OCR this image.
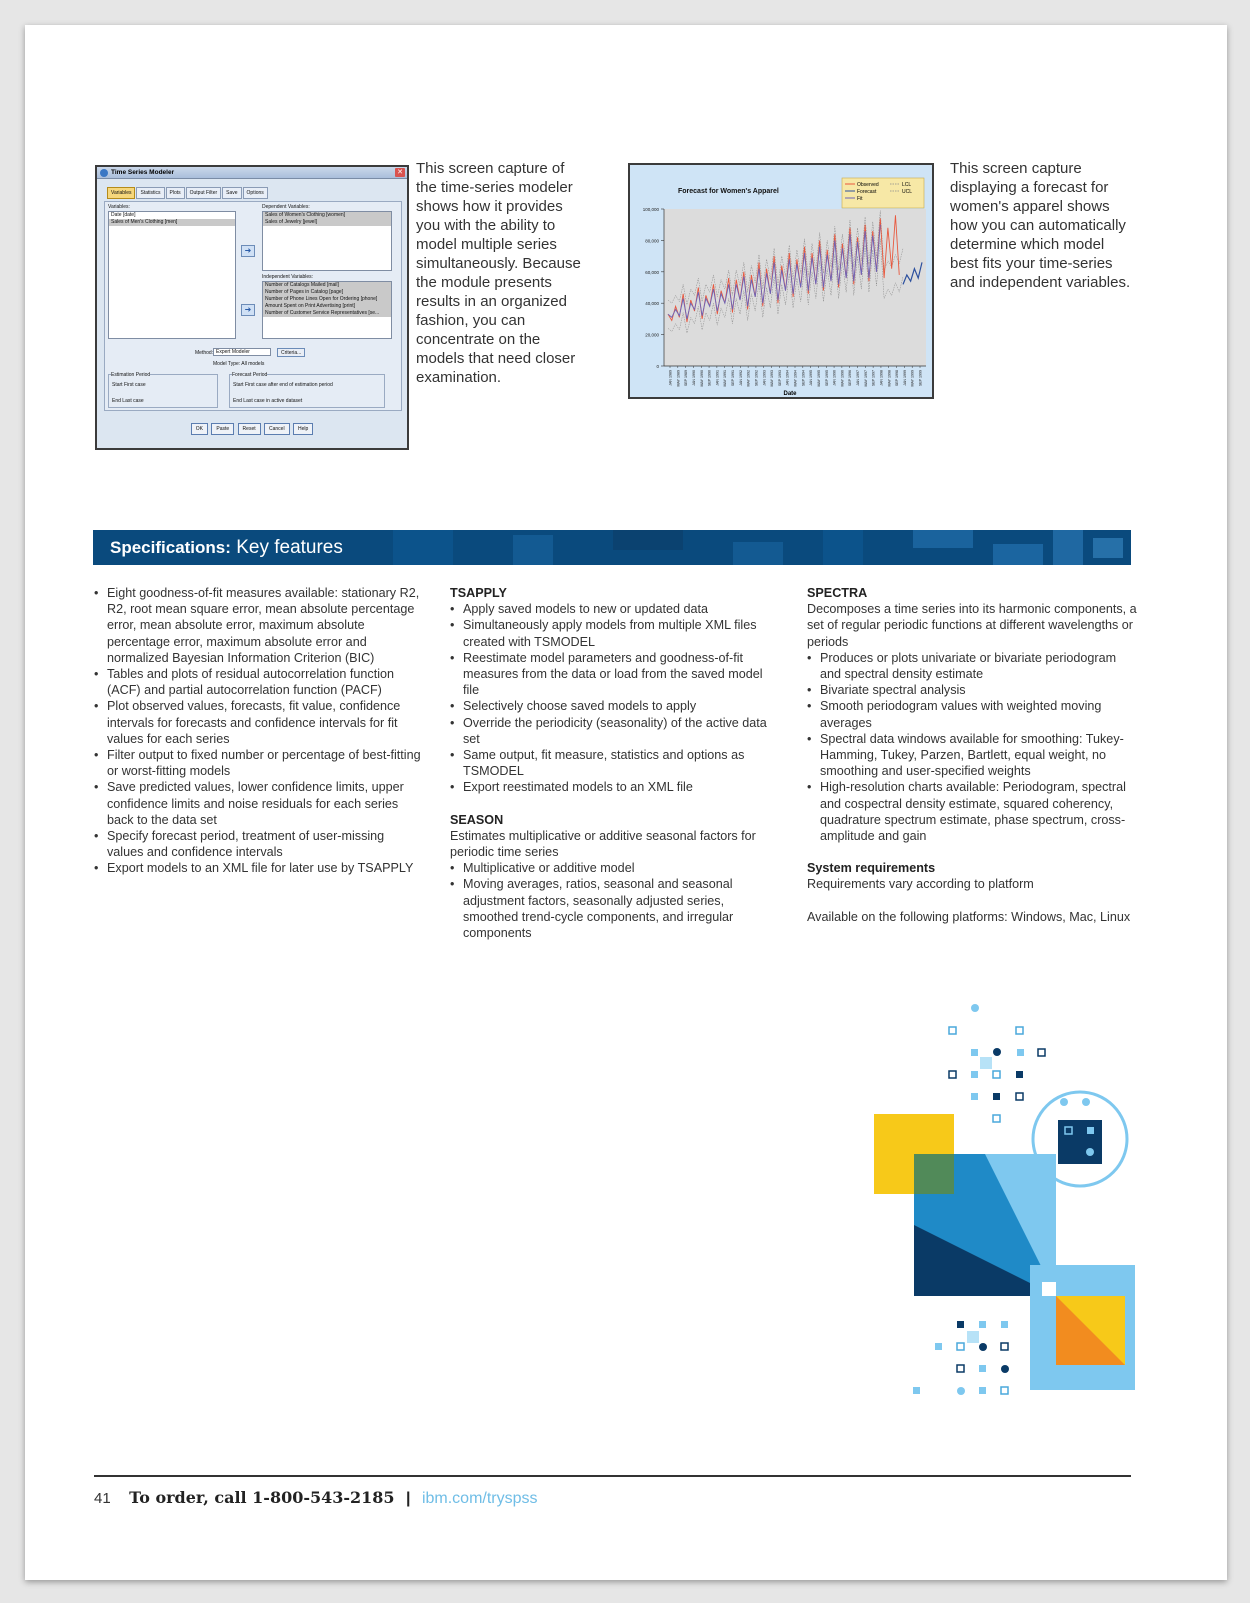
Time Series Modeler	✕
Variables	Statistics	Plots	Output Filter	Save	Options
Variables:
Date [date]
Sales of Men's Clothing [men]
➜
Dependent Variables:
Sales of Women's Clothing [women]
Sales of Jewelry [jewel]
➜
Independent Variables:
Number of Catalogs Mailed [mail]
Number of Pages in Catalog [page]
Number of Phone Lines Open for Ordering [phone]
Amount Spent on Print Advertising [print]
Number of Customer Service Representatives [se...
Method: Expert Modeler	Criteria...
Model Type: All models
Estimation Period
Start First case
End Last case
Forecast Period
Start First case after end of estimation period
End Last case in active dataset
OK	Paste	Reset	Cancel	Help

This screen capture of the time-series modeler shows how it provides you with the ability to model multiple series simultaneously. Because the module presents results in an organized fashion, you can concentrate on the models that need closer examination.

Forecast for Women's Apparel
Observed
Forecast
Fit
LCL
UCL
100,000
80,000
60,000
40,000
20,000
0
JAN 1989 MAY 1989 SEP 1989 JAN 1990 MAY 1990 SEP 1990 JAN 1991 MAY 1991 SEP 1991 JAN 1992 MAY 1992 SEP 1992 JAN 1993 MAY 1993 SEP 1993 JAN 1994 MAY 1994 SEP 1994 JAN 1995 MAY 1995 SEP 1995 JAN 1996 MAY 1996 SEP 1996 JAN 1997 MAY 1997 SEP 1997 JAN 1998 MAY 1998 SEP 1998 JAN 1999 MAY 1999 SEP 1999
Date

This screen capture displaying a forecast for women's apparel shows how you can automatically determine which model best fits your time-series and independent variables.

Specifications: Key features
• Eight goodness-of-fit measures available: stationary R2, R2, root mean square error, mean absolute percentage error, mean absolute error, maximum absolute percentage error, maximum absolute error and normalized Bayesian Information Criterion (BIC)
• Tables and plots of residual autocorrelation function (ACF) and partial autocorrelation function (PACF)
• Plot observed values, forecasts, fit value, confidence intervals for forecasts and confidence intervals for fit values for each series
• Filter output to fixed number or percentage of best-fitting or worst-fitting models
• Save predicted values, lower confidence limits, upper confidence limits and noise residuals for each series back to the data set
• Specify forecast period, treatment of user-missing values and confidence intervals
• Export models to an XML file for later use by TSAPPLY
TSAPPLY
• Apply saved models to new or updated data
• Simultaneously apply models from multiple XML files created with TSMODEL
• Reestimate model parameters and goodness-of-fit measures from the data or load from the saved model file
• Selectively choose saved models to apply
• Override the periodicity (seasonality) of the active data set
• Same output, fit measure, statistics and options as TSMODEL
• Export reestimated models to an XML file
SEASON

Estimates multiplicative or additive seasonal factors for periodic time series

• Multiplicative or additive model
• Moving averages, ratios, seasonal and seasonal adjustment factors, seasonally adjusted series, smoothed trend-cycle components, and irregular components
SPECTRA

Decomposes a time series into its harmonic components, a set of regular periodic functions at different wavelengths or periods

• Produces or plots univariate or bivariate periodogram and spectral density estimate
• Bivariate spectral analysis
• Smooth periodogram values with weighted moving averages
• Spectral data windows available for smoothing: Tukey-Hamming, Tukey, Parzen, Bartlett, equal weight, no smoothing and user-specified weights
• High-resolution charts available: Periodogram, spectral and cospectral density estimate, squared coherency, quadrature spectrum estimate, phase spectrum, cross-amplitude and gain
System requirements

Requirements vary according to platform

Available on the following platforms: Windows, Mac, Linux

41 To order, call 1-800-543-2185 | ibm.com/tryspss
